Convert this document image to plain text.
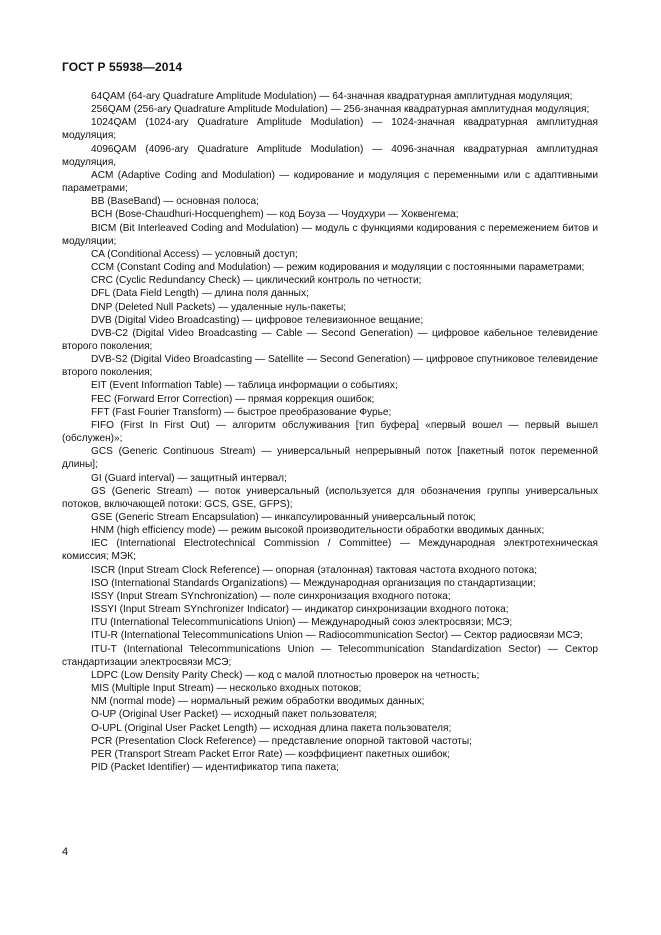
ГОСТ Р 55938—2014

64QAM (64-ary Quadrature Amplitude Modulation) — 64-значная квадратурная амплитудная модуляция;

256QAM (256-ary Quadrature Amplitude Modulation) — 256-значная квадратурная амплитудная модуляция;

1024QAM (1024-ary Quadrature Amplitude Modulation) — 1024-значная квадратурная амплитудная модуляция;

4096QAM (4096-ary Quadrature Amplitude Modulation) — 4096-значная квадратурная амплитудная модуляция,

ACM (Adaptive Coding and Modulation) — кодирование и модуляция с переменными или с адаптивными параметрами;

BB (BaseBand) — основная полоса;

BCH (Bose-Chaudhuri-Hocquenghem) — код Боуза — Чоудхури — Хоквенгема;

BICM (Bit Interleaved Coding and Modulation) — модуль с функциями кодирования с перемежением битов и модуляции;

CA (Conditional Access) — условный доступ;

CCM (Constant Coding and Modulation) — режим кодирования и модуляции с постоянными параметрами;

CRC (Cyclic Redundancy Check) — циклический контроль по четности;

DFL (Data Field Length) — длина поля данных;

DNP (Deleted Null Packets) — удаленные нуль-пакеты;

DVB (Digital Video Broadcasting) — цифровое телевизионное вещание;

DVB-C2 (Digital Video Broadcasting — Cable — Second Generation) — цифровое кабельное телевидение второго поколения;

DVB-S2 (Digital Video Broadcasting — Satellite — Second Generation) — цифровое спутниковое телевидение второго поколения;

EIT (Event Information Table) — таблица информации о событиях;

FEC (Forward Error Correction) — прямая коррекция ошибок;

FFT (Fast Fourier Transform) — быстрое преобразование Фурье;

FIFO (First In First Out) — алгоритм обслуживания [тип буфера] «первый вошел — первый вышел (обслужен)»;

GCS (Generic Continuous Stream) — универсальный непрерывный поток [пакетный поток переменной длины];

GI (Guard interval) — защитный интервал;

GS (Generic Stream) — поток универсальный (используется для обозначения группы универсальных потоков, включающей потоки: GCS, GSE, GFPS);

GSE (Generic Stream Encapsulation) — инкапсулированный универсальный поток;

HNM (high efficiency mode) — режим высокой производительности обработки вводимых данных;

IEC (International Electrotechnical Commission / Committee) — Международная электротехническая комиссия; МЭК;

ISCR (Input Stream Clock Reference) — опорная (эталонная) тактовая частота входного потока;

ISO (International Standards Organizations) — Международная организация по стандартизации;

ISSY (Input Stream SYnchronization) — поле синхронизация входного потока;

ISSYI (Input Stream SYnchronizer Indicator) — индикатор синхронизации входного потока;

ITU (International Telecommunications Union) — Международный союз электросвязи; МСЭ;

ITU-R (International Telecommunications Union — Radiocommunication Sector) — Сектор радиосвязи МСЭ;

ITU-T (International Telecommunications Union — Telecommunication Standardization Sector) — Сектор стандартизации электросвязи МСЭ;

LDPC (Low Density Parity Check) — код с малой плотностью проверок на четность;

MIS (Multiple Input Stream) — несколько входных потоков;

NM (normal mode) — нормальный режим обработки вводимых данных;

O-UP (Original User Packet) — исходный пакет пользователя;

O-UPL (Original User Packet Length) — исходная длина пакета пользователя;

PCR (Presentation Clock Reference) — представление опорной тактовой частоты;

PER (Transport Stream Packet Error Rate) — коэффициент пакетных ошибок;

PID (Packet Identifier) — идентификатор типа пакета;

4
